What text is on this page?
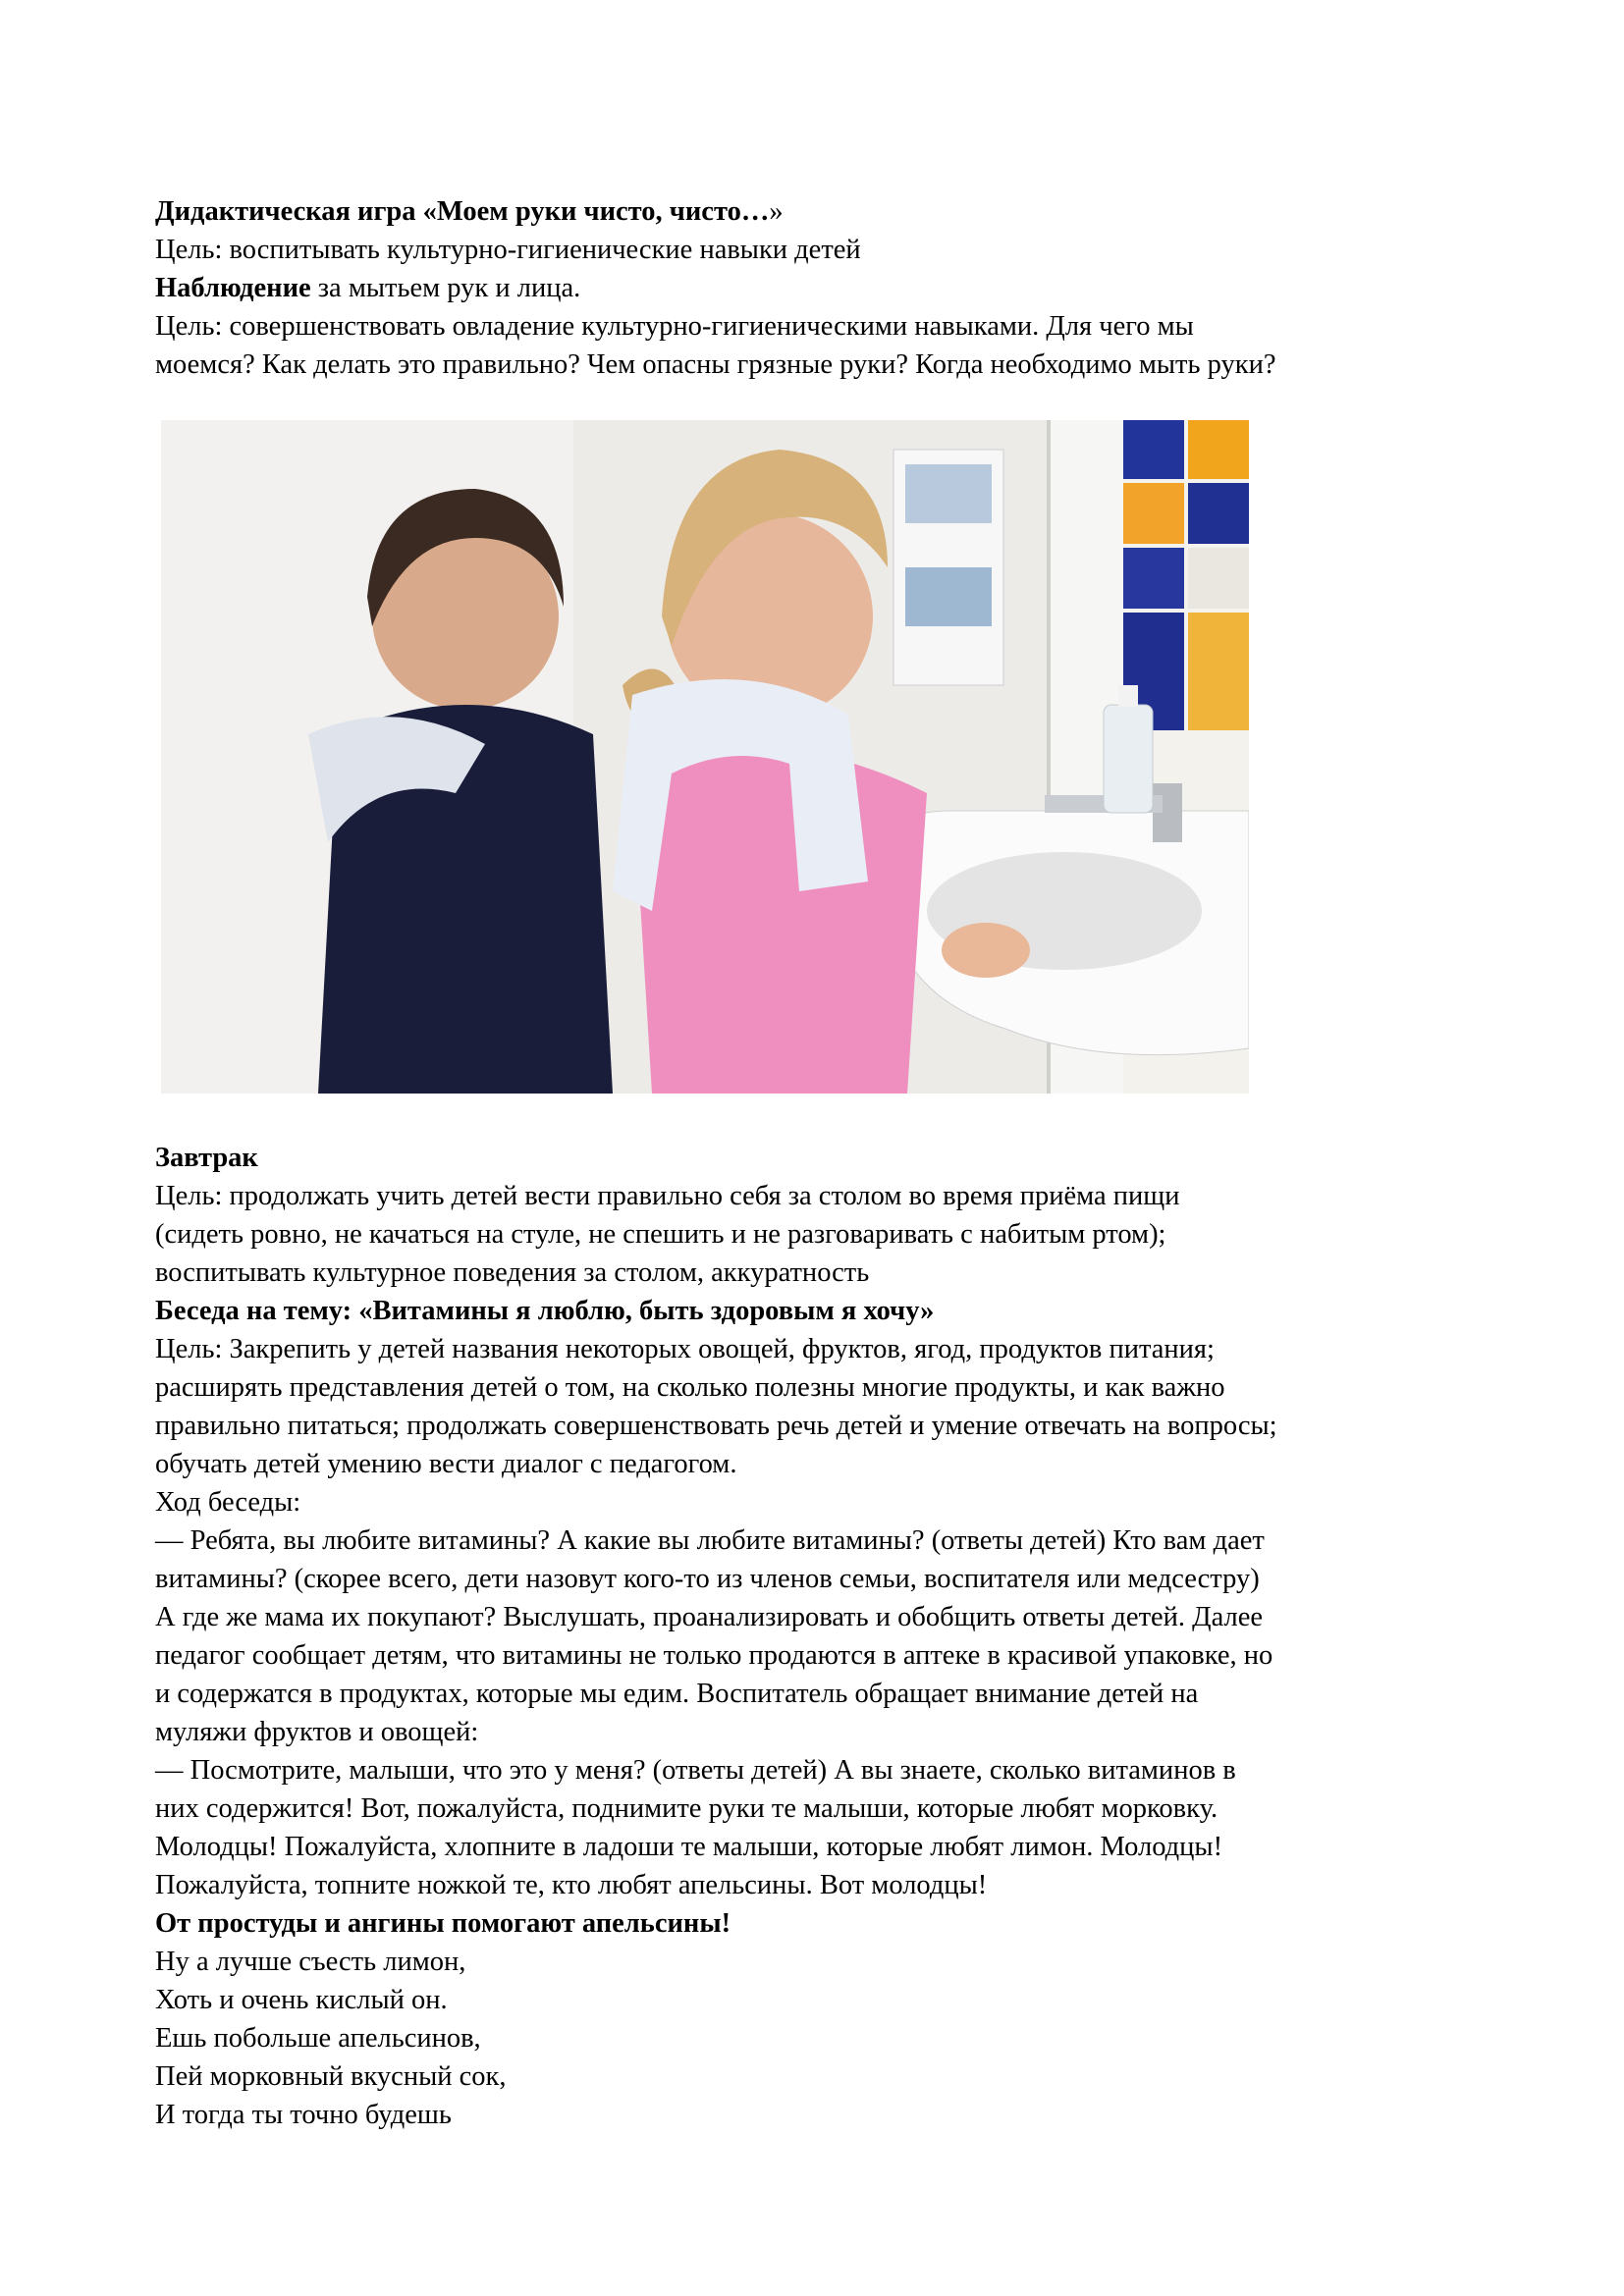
Дидактическая игра «Моем руки чисто, чисто…»
Цель: воспитывать культурно-гигиенические навыки детей
Наблюдение за мытьем рук и лица.
Цель: совершенствовать овладение культурно-гигиеническими навыками. Для чего мы
моемся? Как делать это правильно? Чем опасны грязные руки? Когда необходимо мыть руки?
Завтрак
Цель: продолжать учить детей вести правильно себя за столом во время приёма пищи
(сидеть ровно, не качаться на стуле, не спешить и не разговаривать с набитым ртом);
воспитывать культурное поведения за столом, аккуратность
Беседа на тему: «Витамины я люблю, быть здоровым я хочу»
Цель: Закрепить у детей названия некоторых овощей, фруктов, ягод, продуктов питания;
расширять представления детей о том, на сколько полезны многие продукты, и как важно
правильно питаться; продолжать совершенствовать речь детей и умение отвечать на вопросы;
обучать детей умению вести диалог с педагогом.
Ход беседы:
— Ребята, вы любите витамины? А какие вы любите витамины? (ответы детей) Кто вам дает
витамины? (скорее всего, дети назовут кого-то из членов семьи, воспитателя или медсестру)
А где же мама их покупают? Выслушать, проанализировать и обобщить ответы детей. Далее
педагог сообщает детям, что витамины не только продаются в аптеке в красивой упаковке, но
и содержатся в продуктах, которые мы едим. Воспитатель обращает внимание детей на
муляжи фруктов и овощей:
— Посмотрите, малыши, что это у меня? (ответы детей) А вы знаете, сколько витаминов в
них содержится! Вот, пожалуйста, поднимите руки те малыши, которые любят морковку.
Молодцы! Пожалуйста, хлопните в ладоши те малыши, которые любят лимон. Молодцы!
Пожалуйста, топните ножкой те, кто любят апельсины. Вот молодцы!
От простуды и ангины помогают апельсины!
Ну а лучше съесть лимон,
Хоть и очень кислый он.
Ешь побольше апельсинов,
Пей морковный вкусный сок,
И тогда ты точно будешь
